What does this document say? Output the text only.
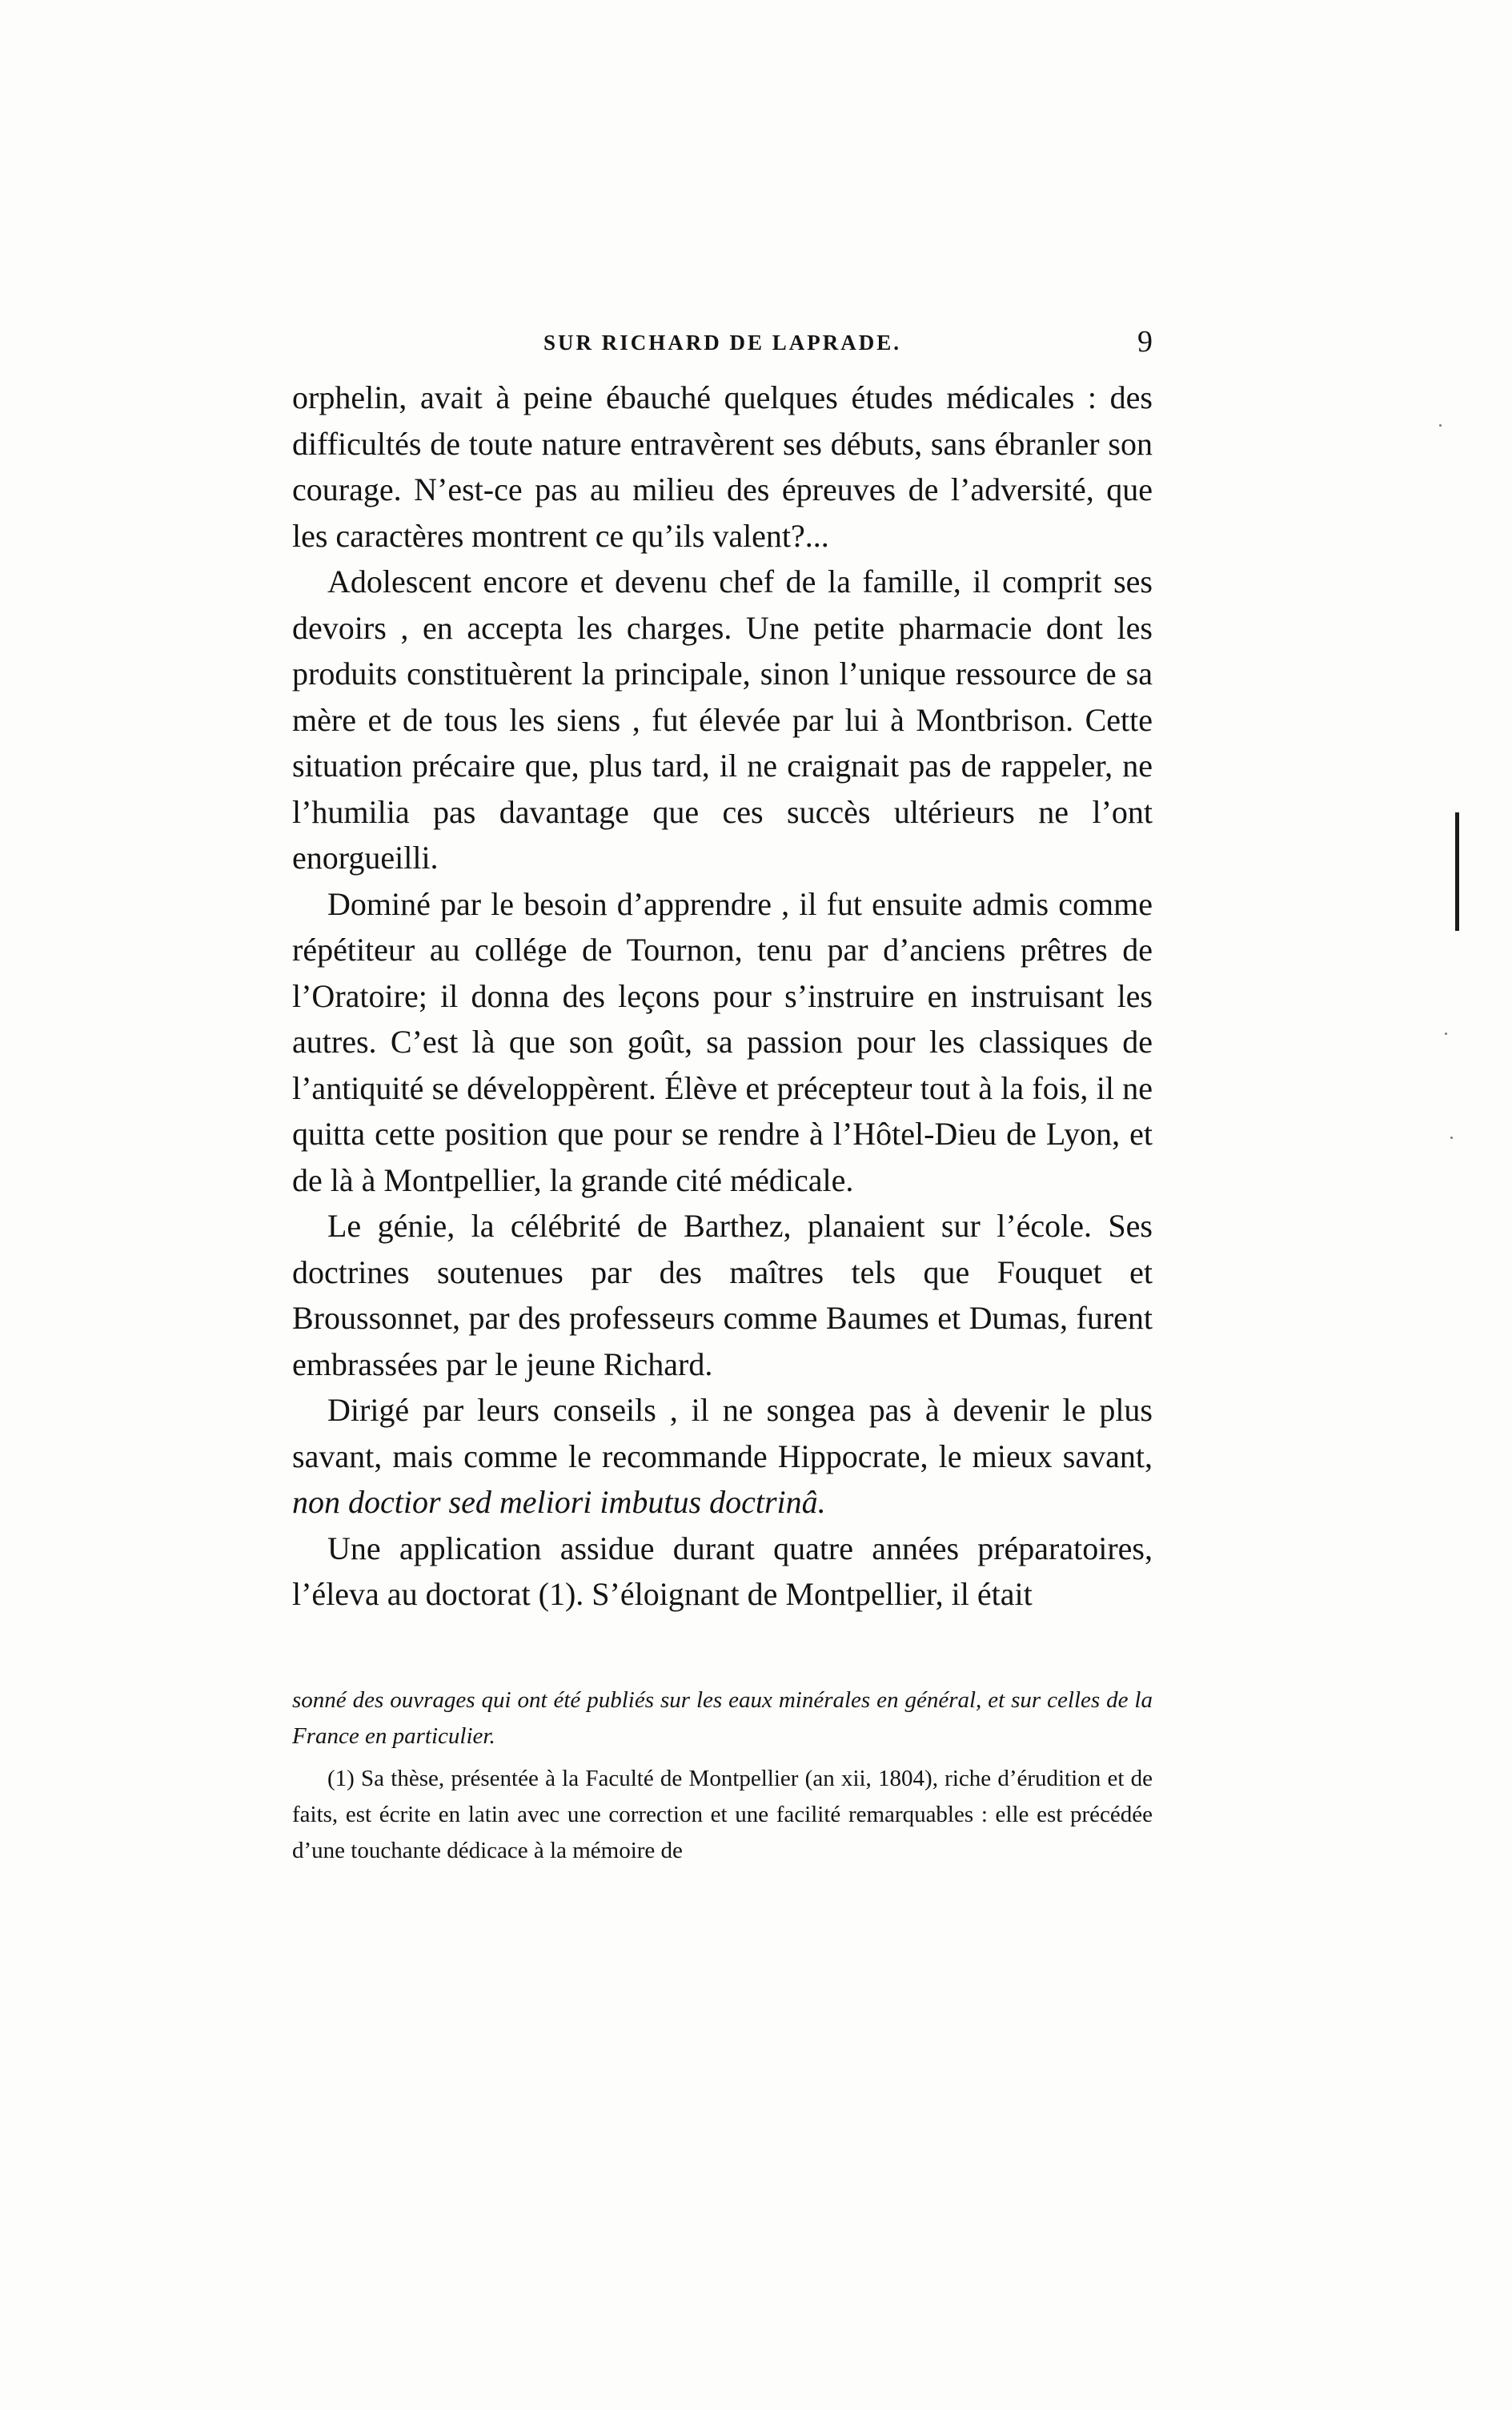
SUR RICHARD DE LAPRADE.	9

orphelin, avait à peine ébauché quelques études médicales : des difficultés de toute nature entravèrent ses débuts, sans ébranler son courage. N’est-ce pas au milieu des épreuves de l’adversité, que les caractères montrent ce qu’ils valent?...

Adolescent encore et devenu chef de la famille, il comprit ses devoirs , en accepta les charges. Une petite pharmacie dont les produits constituèrent la principale, sinon l’unique ressource de sa mère et de tous les siens , fut élevée par lui à Montbrison. Cette situation précaire que, plus tard, il ne craignait pas de rappeler, ne l’humilia pas davantage que ces succès ultérieurs ne l’ont enorgueilli.

Dominé par le besoin d’apprendre , il fut ensuite admis comme répétiteur au collége de Tournon, tenu par d’anciens prêtres de l’Oratoire; il donna des leçons pour s’instruire en instruisant les autres. C’est là que son goût, sa passion pour les classiques de l’antiquité se développèrent. Élève et précepteur tout à la fois, il ne quitta cette position que pour se rendre à l’Hôtel-Dieu de Lyon, et de là à Montpellier, la grande cité médicale.

Le génie, la célébrité de Barthez, planaient sur l’école. Ses doctrines soutenues par des maîtres tels que Fouquet et Broussonnet, par des professeurs comme Baumes et Dumas, furent embrassées par le jeune Richard.

Dirigé par leurs conseils , il ne songea pas à devenir le plus savant, mais comme le recommande Hippocrate, le mieux savant, non doctior sed meliori imbutus doctrinâ.

Une application assidue durant quatre années préparatoires, l’éleva au doctorat (1). S’éloignant de Montpellier, il était

sonné des ouvrages qui ont été publiés sur les eaux minérales en général, et sur celles de la France en particulier.

(1) Sa thèse, présentée à la Faculté de Montpellier (an xii, 1804), riche d’érudition et de faits, est écrite en latin avec une correction et une facilité remarquables : elle est précédée d’une touchante dédicace à la mémoire de
